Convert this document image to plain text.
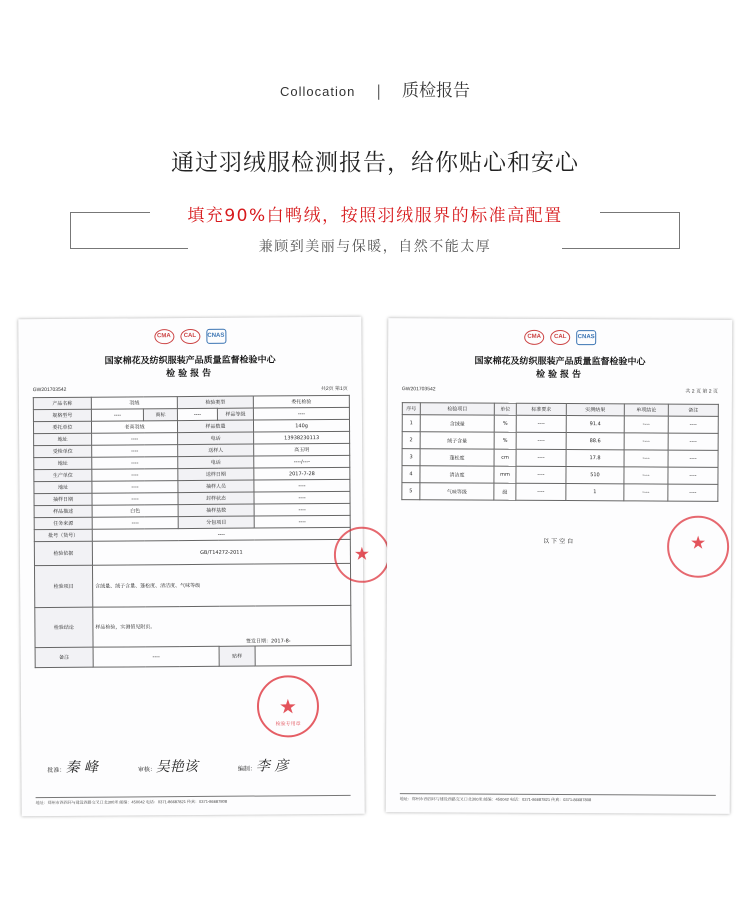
Collocation | 质检报告
通过羽绒服检测报告，给你贴心和安心
填充90%白鸭绒，按照羽绒服界的标准高配置
兼顾到美丽与保暖，自然不能太厚
CMA	CAL	CNAS
国家棉花及纺织服装产品质量监督检验中心
检验报告
GW201703542	共2页 第1页
产品名称	羽绒		检验类型		委托检验
规格型号	----	商标	----	样品等级	----
委托单位	老高羽绒		样品数量		140g
地址	----		电话		13938230113
受检单位	----		送样人		高玉明
地址	----		电话		----/----
生产单位	----		送样日期		2017-7-28
地址	----		抽样人员		----
抽样日期	----		封样状态		----
样品描述	白色		抽样基数		----
任务来源	----		分包项目		----
批号（货号）	----				
检验依据	GB/T14272-2011				
检验项目	含绒量、绒子含量、蓬松度、清洁度、气味等级				
检验结论	样品检验，实测值见附页。
签发日期：2017-8-				

备注	----			贴样	
批准：秦 峰	审核：吴艳该	编制：李 彦
★
检验专用章
★
地址：郑州市西四环与建设西路交叉口北300米 邮编：450042 电话：0371-86687821 传真：0371-86687808
CMA	CAL	CNAS
国家棉花及纺织服装产品质量监督检验中心
检验报告
GW201703542	共 2 页 第 2 页
序号	检验项目	单位	标准要求	实测结果	单项结论	备注
1	含绒量	%	----	91.4	----	----
2	绒子含量	%	----	88.6	----	----
3	蓬松度	cm	----	17.8	----	----
4	清洁度	mm	----	510	----	----
5	气味等级	级	----	1	----	----
以下空白	★
地址：郑州市西四环与建设西路交叉口北300米 邮编：450042 电话：0371-86687821 传真：0371-86687808
